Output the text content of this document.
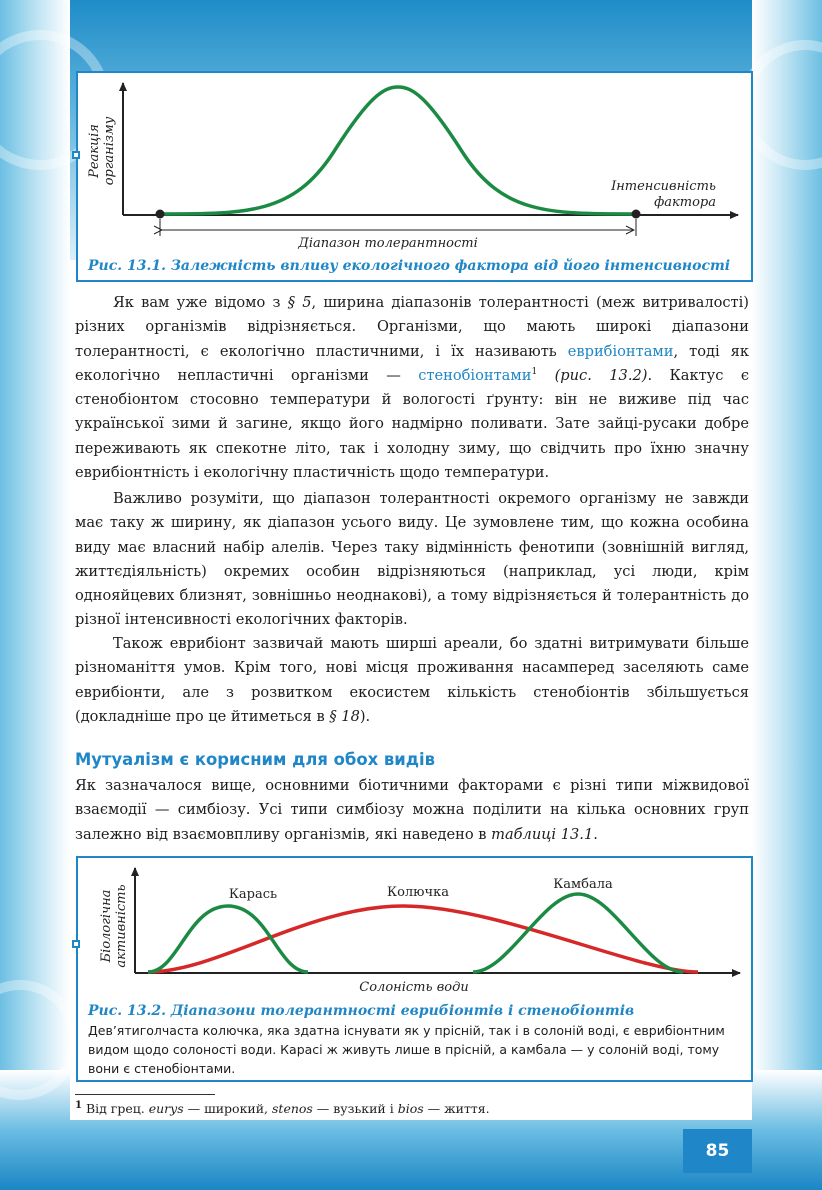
Діапазон толерантності
Інтенсивність
фактора
Реакція організму
Рис. 13.1. Залежність впливу екологічного фактора від його інтенсивності

Як вам уже відомо з § 5, ширина діапазонів толерантності (меж витривалості) різних організмів відрізняється. Організми, що мають широкі діапазони толерантності, є екологічно пластичними, і їх називають еврибіонтами, тоді як екологічно непластичні організми — стенобіонтами$^1$ (рис. 13.2). Кактус є стенобіонтом стосовно температури й вологості ґрунту: він не виживе під час української зими й загине, якщо його надмірно поливати. Зате зайці-русаки добре переживають як спекотне літо, так і холодну зиму, що свідчить про їхню значну еврибіонтність і екологічну пластичність щодо температури.

Важливо розуміти, що діапазон толерантності окремого організму не завжди має таку ж ширину, як діапазон усього виду. Це зумовлене тим, що кожна особина виду має власний набір алелів. Через таку відмінність фенотипи (зовнішній вигляд, життєдіяльність) окремих особин відрізняються (наприклад, усі люди, крім однояйцевих близнят, зовнішньо неоднакові), а тому відрізняється й толерантність до різної інтенсивності екологічних факторів.

Також еврибіонт зазвичай мають ширші ареали, бо здатні витримувати більше різноманіття умов. Крім того, нові місця проживання насамперед заселяють саме еврибіонти, але з розвитком екосистем кількість стенобіонтів збільшується (докладніше про це йтиметься в § 18).

Мутуалізм є корисним для обох видів

Як зазначалося вище, основними біотичними факторами є різні типи міжвидової взаємодії — симбіозу. Усі типи симбіозу можна поділити на кілька основних груп залежно від взаємовпливу організмів, які наведено в таблиці 13.1.

Карась	Колючка
Камбала
Солоність води
Біологічна активність
Рис. 13.2. Діапазони толерантності еврибіонтів і стенобіонтів
Дев’ятиголчаста колючка, яка здатна існувати як у прісній, так і в солоній воді, є еврибіонтним видом щодо солоності води. Карасі ж живуть лише в прісній, а камбала — у солоній воді, тому вони є стенобіонтами.
$^1$ Від грец. eurys — широкий, stenos — вузький і bios — життя.
85
